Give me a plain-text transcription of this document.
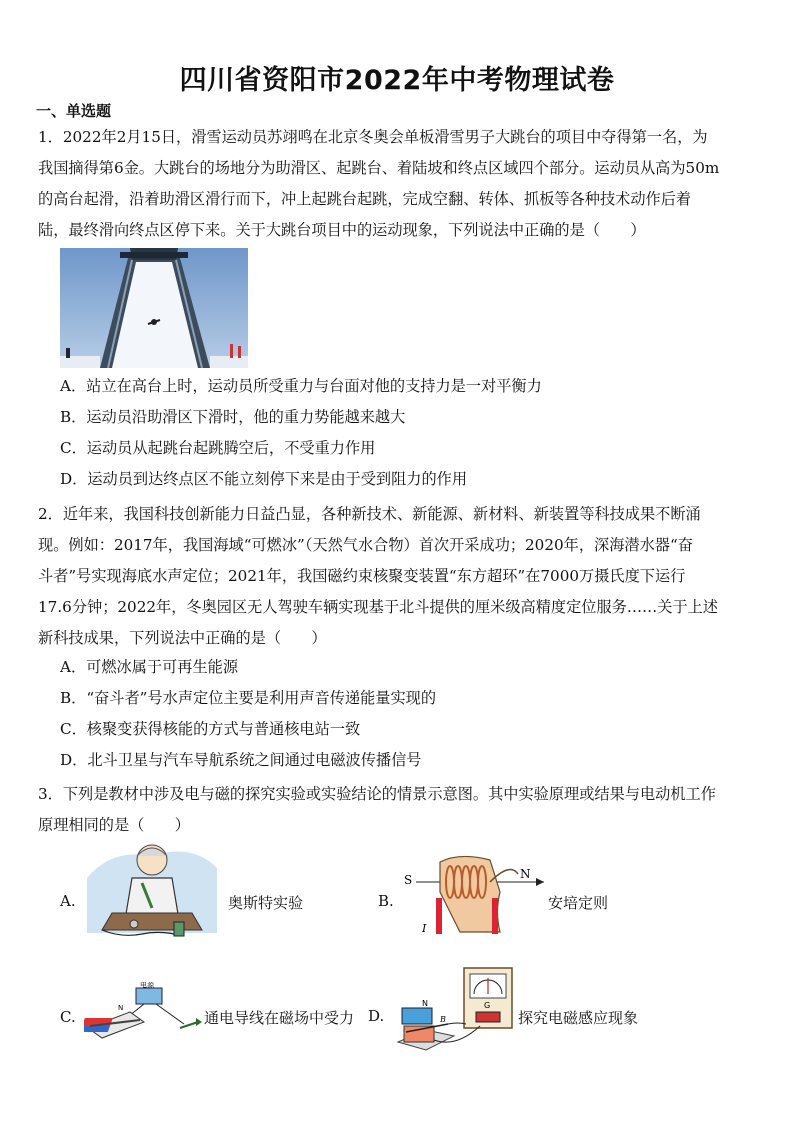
四川省资阳市2022年中考物理试卷
一、单选题
1．2022年2月15日，滑雪运动员苏翊鸣在北京冬奥会单板滑雪男子大跳台的项目中夺得第一名，为
我国摘得第6金。大跳台的场地分为助滑区、起跳台、着陆坡和终点区域四个部分。运动员从高为50m
的高台起滑，沿着助滑区滑行而下，冲上起跳台起跳，完成空翻、转体、抓板等各种技术动作后着
陆，最终滑向终点区停下来。关于大跳台项目中的运动现象，下列说法中正确的是（　　）
A．站立在高台上时，运动员所受重力与台面对他的支持力是一对平衡力
B．运动员沿助滑区下滑时，他的重力势能越来越大
C．运动员从起跳台起跳腾空后，不受重力作用
D．运动员到达终点区不能立刻停下来是由于受到阻力的作用
2．近年来，我国科技创新能力日益凸显，各种新技术、新能源、新材料、新装置等科技成果不断涌
现。例如：2017年，我国海域“可燃冰”（天然气水合物）首次开采成功；2020年，深海潜水器“奋
斗者”号实现海底水声定位；2021年，我国磁约束核聚变装置“东方超环”在7000万摄氏度下运行
17.6分钟；2022年，冬奥园区无人驾驶车辆实现基于北斗提供的厘米级高精度定位服务……关于上述
新科技成果，下列说法中正确的是（　　）
A．可燃冰属于可再生能源
B．“奋斗者”号水声定位主要是利用声音传递能量实现的
C．核聚变获得核能的方式与普通核电站一致
D．北斗卫星与汽车导航系统之间通过电磁波传播信号
3．下列是教材中涉及电与磁的探究实验或实验结论的情景示意图。其中实验原理或结果与电动机工作
原理相同的是（　　）
A.	奥斯特实验	B.
S	N
I
安培定则
C.
电源
N
通电导线在磁场中受力 D.
G
N
B	探究电磁感应现象
